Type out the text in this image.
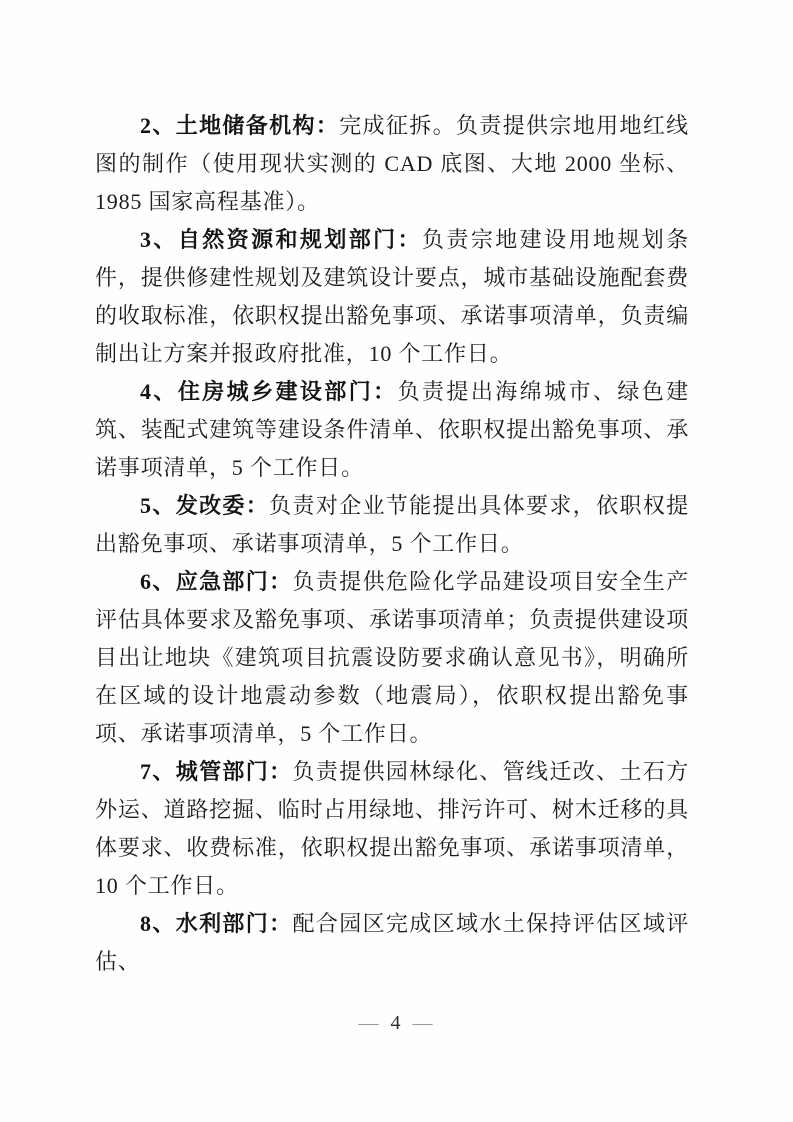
2、土地储备机构：完成征拆。负责提供宗地用地红线图的制作（使用现状实测的 CAD 底图、大地 2000 坐标、1985 国家高程基准）。

3、自然资源和规划部门：负责宗地建设用地规划条件，提供修建性规划及建筑设计要点，城市基础设施配套费的收取标准，依职权提出豁免事项、承诺事项清单，负责编制出让方案并报政府批准，10 个工作日。

4、住房城乡建设部门：负责提出海绵城市、绿色建筑、装配式建筑等建设条件清单、依职权提出豁免事项、承诺事项清单，5 个工作日。

5、发改委：负责对企业节能提出具体要求，依职权提出豁免事项、承诺事项清单，5 个工作日。

6、应急部门：负责提供危险化学品建设项目安全生产评估具体要求及豁免事项、承诺事项清单；负责提供建设项目出让地块《建筑项目抗震设防要求确认意见书》，明确所在区域的设计地震动参数（地震局），依职权提出豁免事项、承诺事项清单，5 个工作日。

7、城管部门：负责提供园林绿化、管线迁改、土石方外运、道路挖掘、临时占用绿地、排污许可、树木迁移的具体要求、收费标准，依职权提出豁免事项、承诺事项清单，10 个工作日。

8、水利部门：配合园区完成区域水土保持评估区域评估、

— 4 —
